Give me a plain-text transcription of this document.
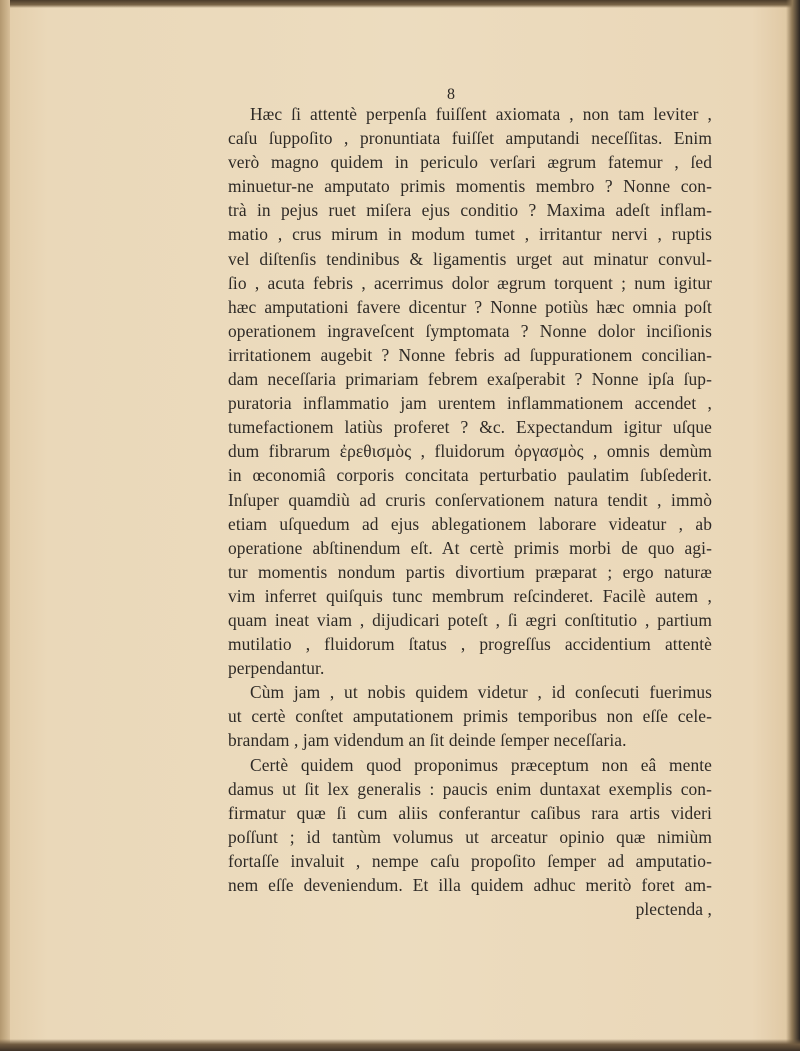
8
Hæc ſi attentè perpenſa fuiſſent axiomata , non tam leviter ,
caſu ſuppoſito , pronuntiata fuiſſet amputandi neceſſitas. Enim
verò magno quidem in periculo verſari ægrum fatemur , ſed
minuetur-ne amputato primis momentis membro ? Nonne con-
trà in pejus ruet miſera ejus conditio ? Maxima adeſt inflam-
matio , crus mirum in modum tumet , irritantur nervi , ruptis
vel diſtenſis tendinibus & ligamentis urget aut minatur convul-
ſio , acuta febris , acerrimus dolor ægrum torquent ; num igitur
hæc amputationi favere dicentur ? Nonne potiùs hæc omnia poſt
operationem ingraveſcent ſymptomata ? Nonne dolor inciſionis
irritationem augebit ? Nonne febris ad ſuppurationem concilian-
dam neceſſaria primariam febrem exaſperabit ? Nonne ipſa ſup-
puratoria inflammatio jam urentem inflammationem accendet ,
tumefactionem latiùs proferet ? &c. Expectandum igitur uſque
dum fibrarum ἐρεθισμὸς , fluidorum ὀργασμὸς , omnis demùm
in œconomiâ corporis concitata perturbatio paulatim ſubſederit.
Inſuper quamdiù ad cruris conſervationem natura tendit , immò
etiam uſquedum ad ejus ablegationem laborare videatur , ab
operatione abſtinendum eſt. At certè primis morbi de quo agi-
tur momentis nondum partis divortium præparat ; ergo naturæ
vim inferret quiſquis tunc membrum reſcinderet. Facilè autem ,
quam ineat viam , dijudicari poteſt , ſi ægri conſtitutio , partium
mutilatio , fluidorum ſtatus , progreſſus accidentium attentè
perpendantur.
Cùm jam , ut nobis quidem videtur , id conſecuti fuerimus
ut certè conſtet amputationem primis temporibus non eſſe cele-
brandam , jam videndum an ſit deinde ſemper neceſſaria.
Certè quidem quod proponimus præceptum non eâ mente
damus ut ſit lex generalis : paucis enim duntaxat exemplis con-
firmatur quæ ſi cum aliis conferantur caſibus rara artis videri
poſſunt ; id tantùm volumus ut arceatur opinio quæ nimiùm
fortaſſe invaluit , nempe caſu propoſito ſemper ad amputatio-
nem eſſe deveniendum. Et illa quidem adhuc meritò foret am-
plectenda ,
